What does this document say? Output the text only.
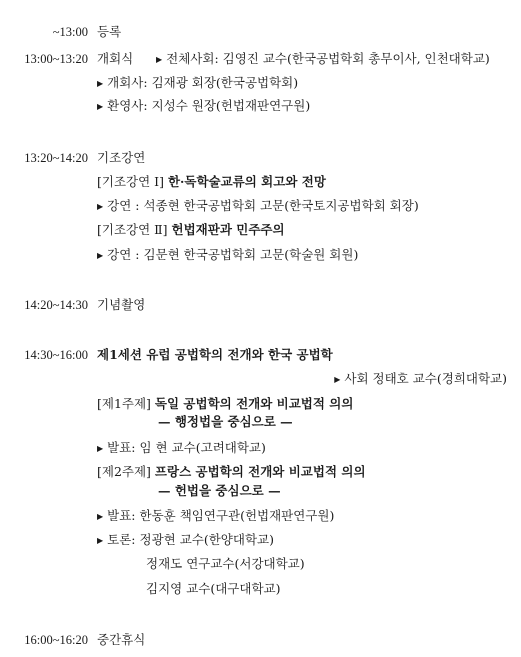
~13:00 등록
13:00~13:20 개회식	▶ 전체사회: 김영진 교수(한국공법학회 총무이사, 인천대학교)
▶ 개회사: 김재광 회장(한국공법학회)
▶ 환영사: 지성수 원장(헌법재판연구원)
13:20~14:20 기조강연
[기조강연 Ⅰ] 한·독학술교류의 회고와 전망
▶ 강연 : 석종현 한국공법학회 고문(한국토지공법학회 회장)
[기조강연 Ⅱ] 헌법재판과 민주주의
▶ 강연 : 김문현 한국공법학회 고문(학술원 회원)
14:20~14:30 기념촬영
14:30~16:00 제1세션 유럽 공법학의 전개와 한국 공법학
▶ 사회 정태호 교수(경희대학교)
[제1주제] 독일 공법학의 전개와 비교법적 의의
— 행정법을 중심으로 —
▶ 발표: 임 현 교수(고려대학교)
[제2주제] 프랑스 공법학의 전개와 비교법적 의의
— 헌법을 중심으로 —
▶ 발표: 한동훈 책임연구관(헌법재판연구원)
▶ 토론: 정광현 교수(한양대학교)
정재도 연구교수(서강대학교)
김지영 교수(대구대학교)
16:00~16:20 중간휴식
